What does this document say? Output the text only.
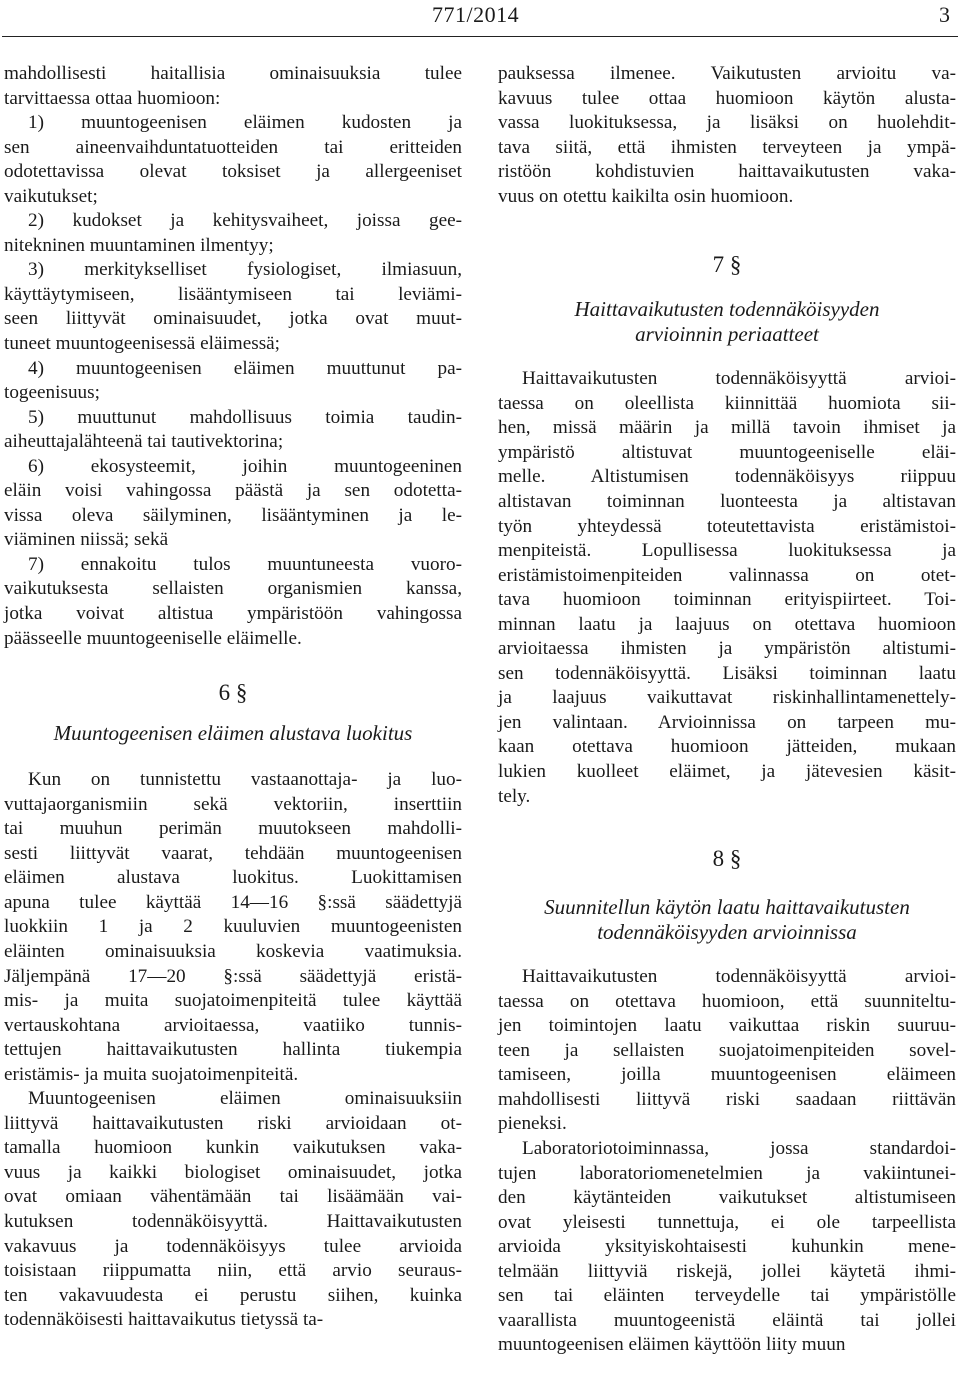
771/2014	3
mahdollisesti haitallisia ominaisuuksia tulee
tarvittaessa ottaa huomioon:
1) muuntogeenisen eläimen kudosten ja
sen aineenvaihduntatuotteiden tai eritteiden
odotettavissa olevat toksiset ja allergeeniset
vaikutukset;
2) kudokset ja kehitysvaiheet, joissa gee-
nitekninen muuntaminen ilmentyy;
3) merkitykselliset fysiologiset, ilmiasuun,
käyttäytymiseen, lisääntymiseen tai leviämi-
seen liittyvät ominaisuudet, jotka ovat muut-
tuneet muuntogeenisessä eläimessä;
4) muuntogeenisen eläimen muuttunut pa-
togeenisuus;
5) muuttunut mahdollisuus toimia taudin-
aiheuttajalähteenä tai tautivektorina;
6) ekosysteemit, joihin muuntogeeninen
eläin voisi vahingossa päästä ja sen odotetta-
vissa oleva säilyminen, lisääntyminen ja le-
viäminen niissä; sekä
7) ennakoitu tulos muuntuneesta vuoro-
vaikutuksesta sellaisten organismien kanssa,
jotka voivat altistua ympäristöön vahingossa
päässeelle muuntogeeniselle eläimelle.
6 §
Muuntogeenisen eläimen alustava luokitus
Kun on tunnistettu vastaanottaja- ja luo-
vuttajaorganismiin sekä vektoriin, inserttiin
tai muuhun perimän muutokseen mahdolli-
sesti liittyvät vaarat, tehdään muuntogeenisen
eläimen alustava luokitus. Luokittamisen
apuna tulee käyttää 14—16 §:ssä säädettyjä
luokkiin 1 ja 2 kuuluvien muuntogeenisten
eläinten ominaisuuksia koskevia vaatimuksia.
Jäljempänä 17—20 §:ssä säädettyjä eristä-
mis- ja muita suojatoimenpiteitä tulee käyttää
vertauskohtana arvioitaessa, vaatiiko tunnis-
tettujen haittavaikutusten hallinta tiukempia
eristämis- ja muita suojatoimenpiteitä.
Muuntogeenisen eläimen ominaisuuksiin
liittyvä haittavaikutusten riski arvioidaan ot-
tamalla huomioon kunkin vaikutuksen vaka-
vuus ja kaikki biologiset ominaisuudet, jotka
ovat omiaan vähentämään tai lisäämään vai-
kutuksen todennäköisyyttä. Haittavaikutusten
vakavuus ja todennäköisyys tulee arvioida
toisistaan riippumatta niin, että arvio seuraus-
ten vakavuudesta ei perustu siihen, kuinka
todennäköisesti haittavaikutus tietyssä ta-
pauksessa ilmenee. Vaikutusten arvioitu va-
kavuus tulee ottaa huomioon käytön alusta-
vassa luokituksessa, ja lisäksi on huolehdit-
tava siitä, että ihmisten terveyteen ja ympä-
ristöön kohdistuvien haittavaikutusten vaka-
vuus on otettu kaikilta osin huomioon.
7 §
Haittavaikutusten todennäköisyyden
arvioinnin periaatteet
Haittavaikutusten todennäköisyyttä arvioi-
taessa on oleellista kiinnittää huomiota sii-
hen, missä määrin ja millä tavoin ihmiset ja
ympäristö altistuvat muuntogeeniselle eläi-
melle. Altistumisen todennäköisyys riippuu
altistavan toiminnan luonteesta ja altistavan
työn yhteydessä toteutettavista eristämistoi-
menpiteistä. Lopullisessa luokituksessa ja
eristämistoimenpiteiden valinnassa on otet-
tava huomioon toiminnan erityispiirteet. Toi-
minnan laatu ja laajuus on otettava huomioon
arvioitaessa ihmisten ja ympäristön altistumi-
sen todennäköisyyttä. Lisäksi toiminnan laatu
ja laajuus vaikuttavat riskinhallintamenettely-
jen valintaan. Arvioinnissa on tarpeen mu-
kaan otettava huomioon jätteiden, mukaan
lukien kuolleet eläimet, ja jätevesien käsit-
tely.
8 §
Suunnitellun käytön laatu haittavaikutusten
todennäköisyyden arvioinnissa
Haittavaikutusten todennäköisyyttä arvioi-
taessa on otettava huomioon, että suunniteltu-
jen toimintojen laatu vaikuttaa riskin suuruu-
teen ja sellaisten suojatoimenpiteiden sovel-
tamiseen, joilla muuntogeenisen eläimeen
mahdollisesti liittyvä riski saadaan riittävän
pieneksi.
Laboratoriotoiminnassa, jossa standardoi-
tujen laboratoriomenetelmien ja vakiintunei-
den käytänteiden vaikutukset altistumiseen
ovat yleisesti tunnettuja, ei ole tarpeellista
arvioida yksityiskohtaisesti kuhunkin mene-
telmään liittyviä riskejä, jollei käytetä ihmi-
sen tai eläinten terveydelle tai ympäristölle
vaarallista muuntogeenistä eläintä tai jollei
muuntogeenisen eläimen käyttöön liity muun
